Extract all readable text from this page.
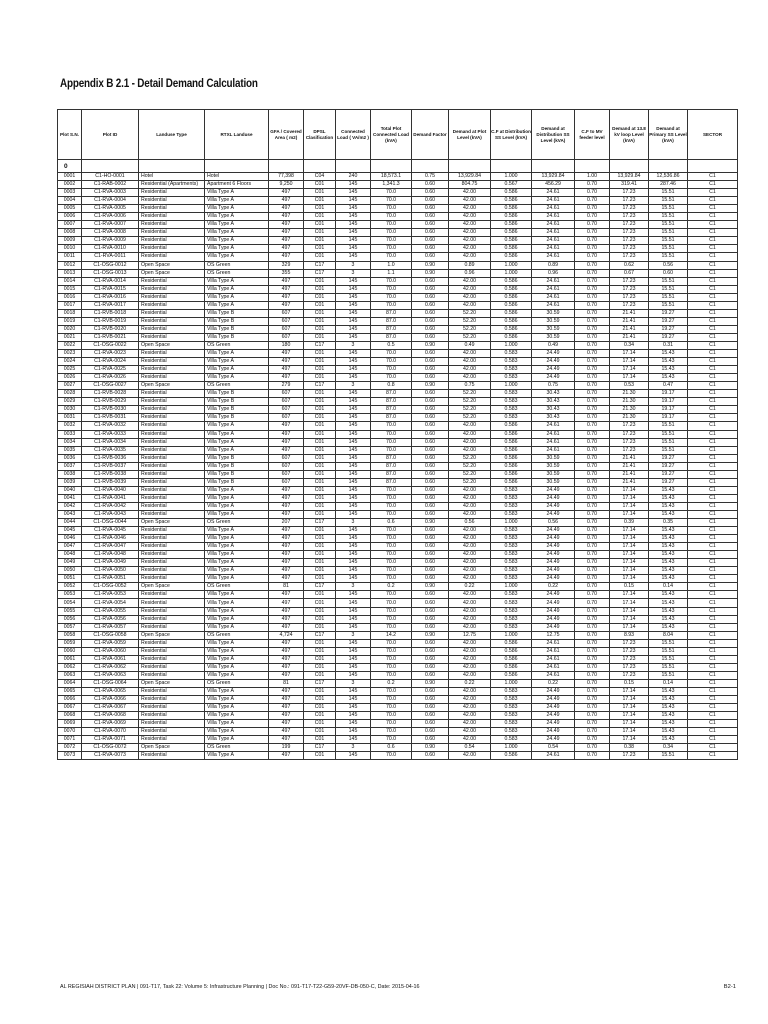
Appendix B 2.1 - Detail Demand Calculation
Plot S.N.	Plot ID	Landuse Type	RTXL Landuse	GFA / Covered Area ( m2)	DPSL Clasification	Connected Load ( VA/m2 )	Total Plot Connected Load (kVA)	Demand Factor	Demand at Plot Level (kVA)	C.F at Distribution SS Level (kVA)	Demand at Distribution SS Level (kVA)	C.F to MV feeder level	Demand at 13.8 kV loop Level (kVA)	Demand at Primary SS Level (kVA)	SECTOR
0															
0001	C1-HO-0001	Hotel	Hotel	77,398	C04	240	18,573.1	0.75	13,929.84	1.000	13,929.84	1.00	13,929.84	12,536.86	C1
0002	C1-RAB-0002	Residential (Apartments)	Apartment 6 Floors	9,250	C01	145	1,341.3	0.60	804.75	0.567	456.29	0.70	319.41	287.46	C1
0003	C1-RVA-0003	Residential	Villa Type A	497	C01	145	70.0	0.60	42.00	0.586	24.61	0.70	17.23	15.51	C1
0004	C1-RVA-0004	Residential	Villa Type A	497	C01	145	70.0	0.60	42.00	0.586	24.61	0.70	17.23	15.51	C1
0005	C1-RVA-0005	Residential	Villa Type A	497	C01	145	70.0	0.60	42.00	0.586	24.61	0.70	17.23	15.51	C1
0006	C1-RVA-0006	Residential	Villa Type A	497	C01	145	70.0	0.60	42.00	0.586	24.61	0.70	17.23	15.51	C1
0007	C1-RVA-0007	Residential	Villa Type A	497	C01	145	70.0	0.60	42.00	0.586	24.61	0.70	17.23	15.51	C1
0008	C1-RVA-0008	Residential	Villa Type A	497	C01	145	70.0	0.60	42.00	0.586	24.61	0.70	17.23	15.51	C1
0009	C1-RVA-0009	Residential	Villa Type A	497	C01	145	70.0	0.60	42.00	0.586	24.61	0.70	17.23	15.51	C1
0010	C1-RVA-0010	Residential	Villa Type A	497	C01	145	70.0	0.60	42.00	0.586	24.61	0.70	17.23	15.51	C1
0011	C1-RVA-0011	Residential	Villa Type A	497	C01	145	70.0	0.60	42.00	0.586	24.61	0.70	17.23	15.51	C1
0012	C1-OSG-0012	Open Space	OS Green	329	C17	3	1.0	0.90	0.89	1.000	0.89	0.70	0.62	0.56	C1
0013	C1-OSG-0013	Open Space	OS Green	355	C17	3	1.1	0.90	0.96	1.000	0.96	0.70	0.67	0.60	C1
0014	C1-RVA-0014	Residential	Villa Type A	497	C01	145	70.0	0.60	42.00	0.586	24.61	0.70	17.23	15.51	C1
0015	C1-RVA-0015	Residential	Villa Type A	497	C01	145	70.0	0.60	42.00	0.586	24.61	0.70	17.23	15.51	C1
0016	C1-RVA-0016	Residential	Villa Type A	497	C01	145	70.0	0.60	42.00	0.586	24.61	0.70	17.23	15.51	C1
0017	C1-RVA-0017	Residential	Villa Type A	497	C01	145	70.0	0.60	42.00	0.586	24.61	0.70	17.23	15.51	C1
0018	C1-RVB-0018	Residential	Villa Type B	607	C01	145	87.0	0.60	52.20	0.586	30.59	0.70	21.41	19.27	C1
0019	C1-RVB-0019	Residential	Villa Type B	607	C01	145	87.0	0.60	52.20	0.586	30.59	0.70	21.41	19.27	C1
0020	C1-RVB-0020	Residential	Villa Type B	607	C01	145	87.0	0.60	52.20	0.586	30.59	0.70	21.41	19.27	C1
0021	C1-RVB-0021	Residential	Villa Type B	607	C01	145	87.0	0.60	52.20	0.586	30.59	0.70	21.41	19.27	C1
0022	C1-OSG-0022	Open Space	OS Green	180	C17	3	0.5	0.90	0.49	1.000	0.49	0.70	0.34	0.31	C1
0023	C1-RVA-0023	Residential	Villa Type A	497	C01	145	70.0	0.60	42.00	0.583	24.49	0.70	17.14	15.43	C1
0024	C1-RVA-0024	Residential	Villa Type A	497	C01	145	70.0	0.60	42.00	0.583	24.49	0.70	17.14	15.43	C1
0025	C1-RVA-0025	Residential	Villa Type A	497	C01	145	70.0	0.60	42.00	0.583	24.49	0.70	17.14	15.43	C1
0026	C1-RVA-0026	Residential	Villa Type A	497	C01	145	70.0	0.60	42.00	0.583	24.49	0.70	17.14	15.43	C1
0027	C1-OSG-0027	Open Space	OS Green	279	C17	3	0.8	0.90	0.75	1.000	0.75	0.70	0.53	0.47	C1
0028	C1-RVB-0028	Residential	Villa Type B	607	C01	145	87.0	0.60	52.20	0.583	30.43	0.70	21.30	19.17	C1
0029	C1-RVB-0029	Residential	Villa Type B	607	C01	145	87.0	0.60	52.20	0.583	30.43	0.70	21.30	19.17	C1
0030	C1-RVB-0030	Residential	Villa Type B	607	C01	145	87.0	0.60	52.20	0.583	30.43	0.70	21.30	19.17	C1
0031	C1-RVB-0031	Residential	Villa Type B	607	C01	145	87.0	0.60	52.20	0.583	30.43	0.70	21.30	19.17	C1
0032	C1-RVA-0032	Residential	Villa Type A	497	C01	145	70.0	0.60	42.00	0.586	24.61	0.70	17.23	15.51	C1
0033	C1-RVA-0033	Residential	Villa Type A	497	C01	145	70.0	0.60	42.00	0.586	24.61	0.70	17.23	15.51	C1
0034	C1-RVA-0034	Residential	Villa Type A	497	C01	145	70.0	0.60	42.00	0.586	24.61	0.70	17.23	15.51	C1
0035	C1-RVA-0035	Residential	Villa Type A	497	C01	145	70.0	0.60	42.00	0.586	24.61	0.70	17.23	15.51	C1
0036	C1-RVB-0036	Residential	Villa Type B	607	C01	145	87.0	0.60	52.20	0.586	30.59	0.70	21.41	19.27	C1
0037	C1-RVB-0037	Residential	Villa Type B	607	C01	145	87.0	0.60	52.20	0.586	30.59	0.70	21.41	19.27	C1
0038	C1-RVB-0038	Residential	Villa Type B	607	C01	145	87.0	0.60	52.20	0.586	30.59	0.70	21.41	19.27	C1
0039	C1-RVB-0039	Residential	Villa Type B	607	C01	145	87.0	0.60	52.20	0.586	30.59	0.70	21.41	19.27	C1
0040	C1-RVA-0040	Residential	Villa Type A	497	C01	145	70.0	0.60	42.00	0.583	24.49	0.70	17.14	15.43	C1
0041	C1-RVA-0041	Residential	Villa Type A	497	C01	145	70.0	0.60	42.00	0.583	24.49	0.70	17.14	15.43	C1
0042	C1-RVA-0042	Residential	Villa Type A	497	C01	145	70.0	0.60	42.00	0.583	24.49	0.70	17.14	15.43	C1
0043	C1-RVA-0043	Residential	Villa Type A	497	C01	145	70.0	0.60	42.00	0.583	24.49	0.70	17.14	15.43	C1
0044	C1-OSG-0044	Open Space	OS Green	207	C17	3	0.6	0.90	0.56	1.000	0.56	0.70	0.39	0.35	C1
0045	C1-RVA-0045	Residential	Villa Type A	497	C01	145	70.0	0.60	42.00	0.583	24.49	0.70	17.14	15.43	C1
0046	C1-RVA-0046	Residential	Villa Type A	497	C01	145	70.0	0.60	42.00	0.583	24.49	0.70	17.14	15.43	C1
0047	C1-RVA-0047	Residential	Villa Type A	497	C01	145	70.0	0.60	42.00	0.583	24.49	0.70	17.14	15.43	C1
0048	C1-RVA-0048	Residential	Villa Type A	497	C01	145	70.0	0.60	42.00	0.583	24.49	0.70	17.14	15.43	C1
0049	C1-RVA-0049	Residential	Villa Type A	497	C01	145	70.0	0.60	42.00	0.583	24.49	0.70	17.14	15.43	C1
0050	C1-RVA-0050	Residential	Villa Type A	497	C01	145	70.0	0.60	42.00	0.583	24.49	0.70	17.14	15.43	C1
0051	C1-RVA-0051	Residential	Villa Type A	497	C01	145	70.0	0.60	42.00	0.583	24.49	0.70	17.14	15.43	C1
0052	C1-OSG-0052	Open Space	OS Green	81	C17	3	0.2	0.90	0.22	1.000	0.22	0.70	0.15	0.14	C1
0053	C1-RVA-0053	Residential	Villa Type A	497	C01	145	70.0	0.60	42.00	0.583	24.49	0.70	17.14	15.43	C1
0054	C1-RVA-0054	Residential	Villa Type A	497	C01	145	70.0	0.60	42.00	0.583	24.49	0.70	17.14	15.43	C1
0055	C1-RVA-0055	Residential	Villa Type A	497	C01	145	70.0	0.60	42.00	0.583	24.49	0.70	17.14	15.43	C1
0056	C1-RVA-0056	Residential	Villa Type A	497	C01	145	70.0	0.60	42.00	0.583	24.49	0.70	17.14	15.43	C1
0057	C1-RVA-0057	Residential	Villa Type A	497	C01	145	70.0	0.60	42.00	0.583	24.49	0.70	17.14	15.43	C1
0058	C1-OSG-0058	Open Space	OS Green	4,724	C17	3	14.2	0.90	12.75	1.000	12.75	0.70	8.93	8.04	C1
0059	C1-RVA-0059	Residential	Villa Type A	497	C01	145	70.0	0.60	42.00	0.586	24.61	0.70	17.23	15.51	C1
0060	C1-RVA-0060	Residential	Villa Type A	497	C01	145	70.0	0.60	42.00	0.586	24.61	0.70	17.23	15.51	C1
0061	C1-RVA-0061	Residential	Villa Type A	497	C01	145	70.0	0.60	42.00	0.586	24.61	0.70	17.23	15.51	C1
0062	C1-RVA-0062	Residential	Villa Type A	497	C01	145	70.0	0.60	42.00	0.586	24.61	0.70	17.23	15.51	C1
0063	C1-RVA-0063	Residential	Villa Type A	497	C01	145	70.0	0.60	42.00	0.586	24.61	0.70	17.23	15.51	C1
0064	C1-OSG-0064	Open Space	OS Green	81	C17	3	0.2	0.90	0.22	1.000	0.22	0.70	0.15	0.14	C1
0065	C1-RVA-0065	Residential	Villa Type A	497	C01	145	70.0	0.60	42.00	0.583	24.49	0.70	17.14	15.43	C1
0066	C1-RVA-0066	Residential	Villa Type A	497	C01	145	70.0	0.60	42.00	0.583	24.49	0.70	17.14	15.43	C1
0067	C1-RVA-0067	Residential	Villa Type A	497	C01	145	70.0	0.60	42.00	0.583	24.49	0.70	17.14	15.43	C1
0068	C1-RVA-0068	Residential	Villa Type A	497	C01	145	70.0	0.60	42.00	0.583	24.49	0.70	17.14	15.43	C1
0069	C1-RVA-0069	Residential	Villa Type A	497	C01	145	70.0	0.60	42.00	0.583	24.49	0.70	17.14	15.43	C1
0070	C1-RVA-0070	Residential	Villa Type A	497	C01	145	70.0	0.60	42.00	0.583	24.49	0.70	17.14	15.43	C1
0071	C1-RVA-0071	Residential	Villa Type A	497	C01	145	70.0	0.60	42.00	0.583	24.49	0.70	17.14	15.43	C1
0072	C1-OSG-0072	Open Space	OS Green	199	C17	3	0.6	0.90	0.54	1.000	0.54	0.70	0.38	0.34	C1
0073	C1-RVA-0073	Residential	Villa Type A	497	C01	145	70.0	0.60	42.00	0.586	24.61	0.70	17.23	15.51	C1
AL REGISIAH DISTRICT PLAN | 091-T17, Task 22: Volume 5: Infrastructure Planning | Doc No.: 091-T17-T22-G59-20VF-DB-050-C, Date: 2015-04-16	B2-1
